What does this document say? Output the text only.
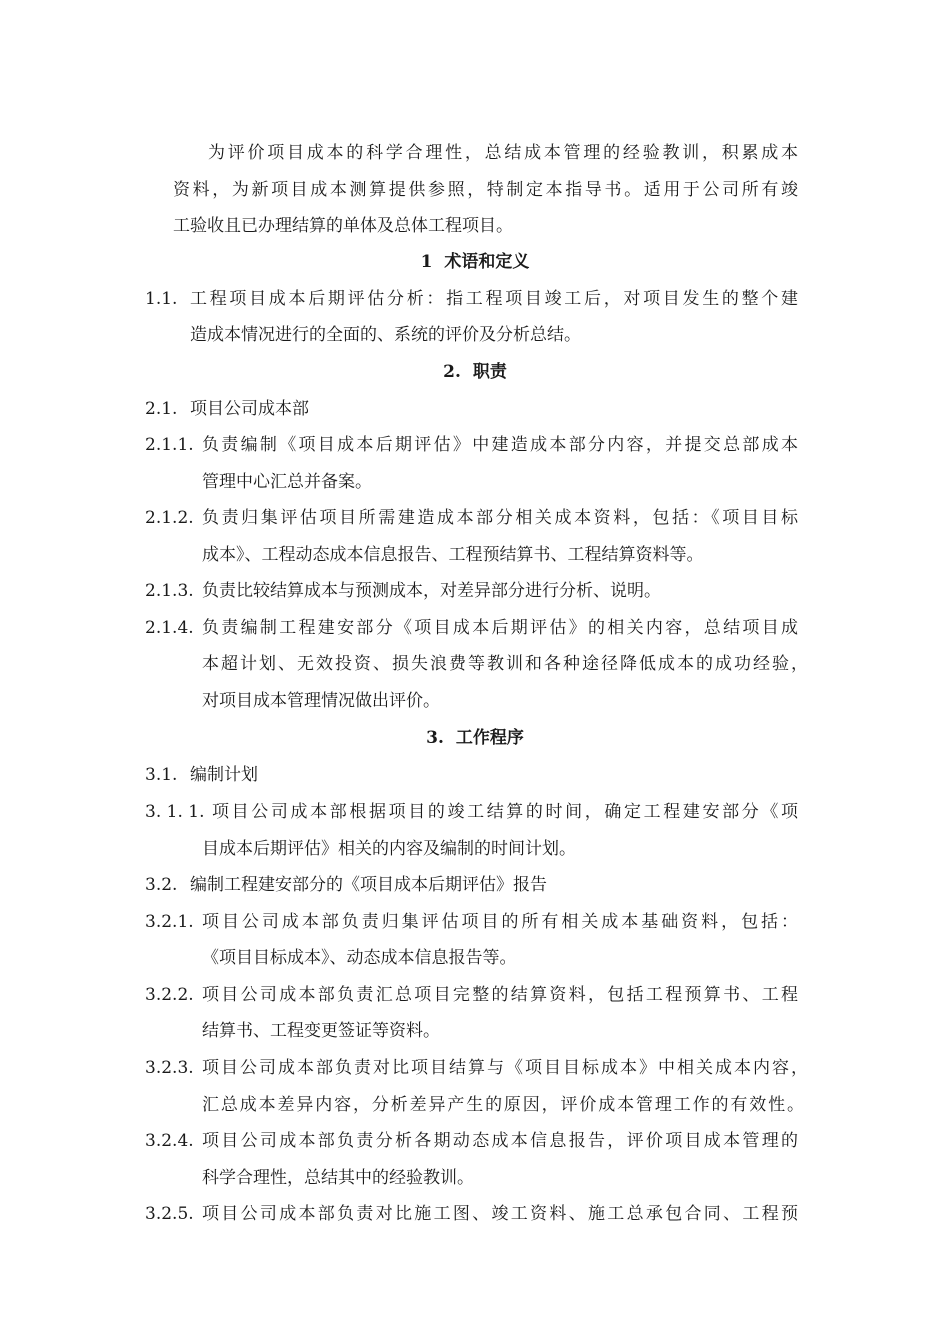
为评价项目成本的科学合理性，总结成本管理的经验教训，积累成本
资料，为新项目成本测算提供参照，特制定本指导书。适用于公司所有竣
工验收且已办理结算的单体及总体工程项目。
1 术语和定义
1.1. 工程项目成本后期评估分析：指工程项目竣工后，对项目发生的整个建
造成本情况进行的全面的、系统的评价及分析总结。
2. 职责
2.1. 项目公司成本部
2.1.1. 负责编制《项目成本后期评估》中建造成本部分内容，并提交总部成本
管理中心汇总并备案。
2.1.2. 负责归集评估项目所需建造成本部分相关成本资料，包括：《项目目标
成本》、工程动态成本信息报告、工程预结算书、工程结算资料等。
2.1.3. 负责比较结算成本与预测成本，对差异部分进行分析、说明。
2.1.4. 负责编制工程建安部分《项目成本后期评估》的相关内容，总结项目成
本超计划、无效投资、损失浪费等教训和各种途径降低成本的成功经验，
对项目成本管理情况做出评价。
3. 工作程序
3.1. 编制计划
3. 1. 1. 项目公司成本部根据项目的竣工结算的时间，确定工程建安部分《项
目成本后期评估》相关的内容及编制的时间计划。
3.2. 编制工程建安部分的《项目成本后期评估》报告
3.2.1. 项目公司成本部负责归集评估项目的所有相关成本基础资料，包括：
《项目目标成本》、动态成本信息报告等。
3.2.2. 项目公司成本部负责汇总项目完整的结算资料，包括工程预算书、工程
结算书、工程变更签证等资料。
3.2.3. 项目公司成本部负责对比项目结算与《项目目标成本》中相关成本内容，
汇总成本差异内容，分析差异产生的原因，评价成本管理工作的有效性。
3.2.4. 项目公司成本部负责分析各期动态成本信息报告，评价项目成本管理的
科学合理性，总结其中的经验教训。
3.2.5. 项目公司成本部负责对比施工图、竣工资料、施工总承包合同、工程预
